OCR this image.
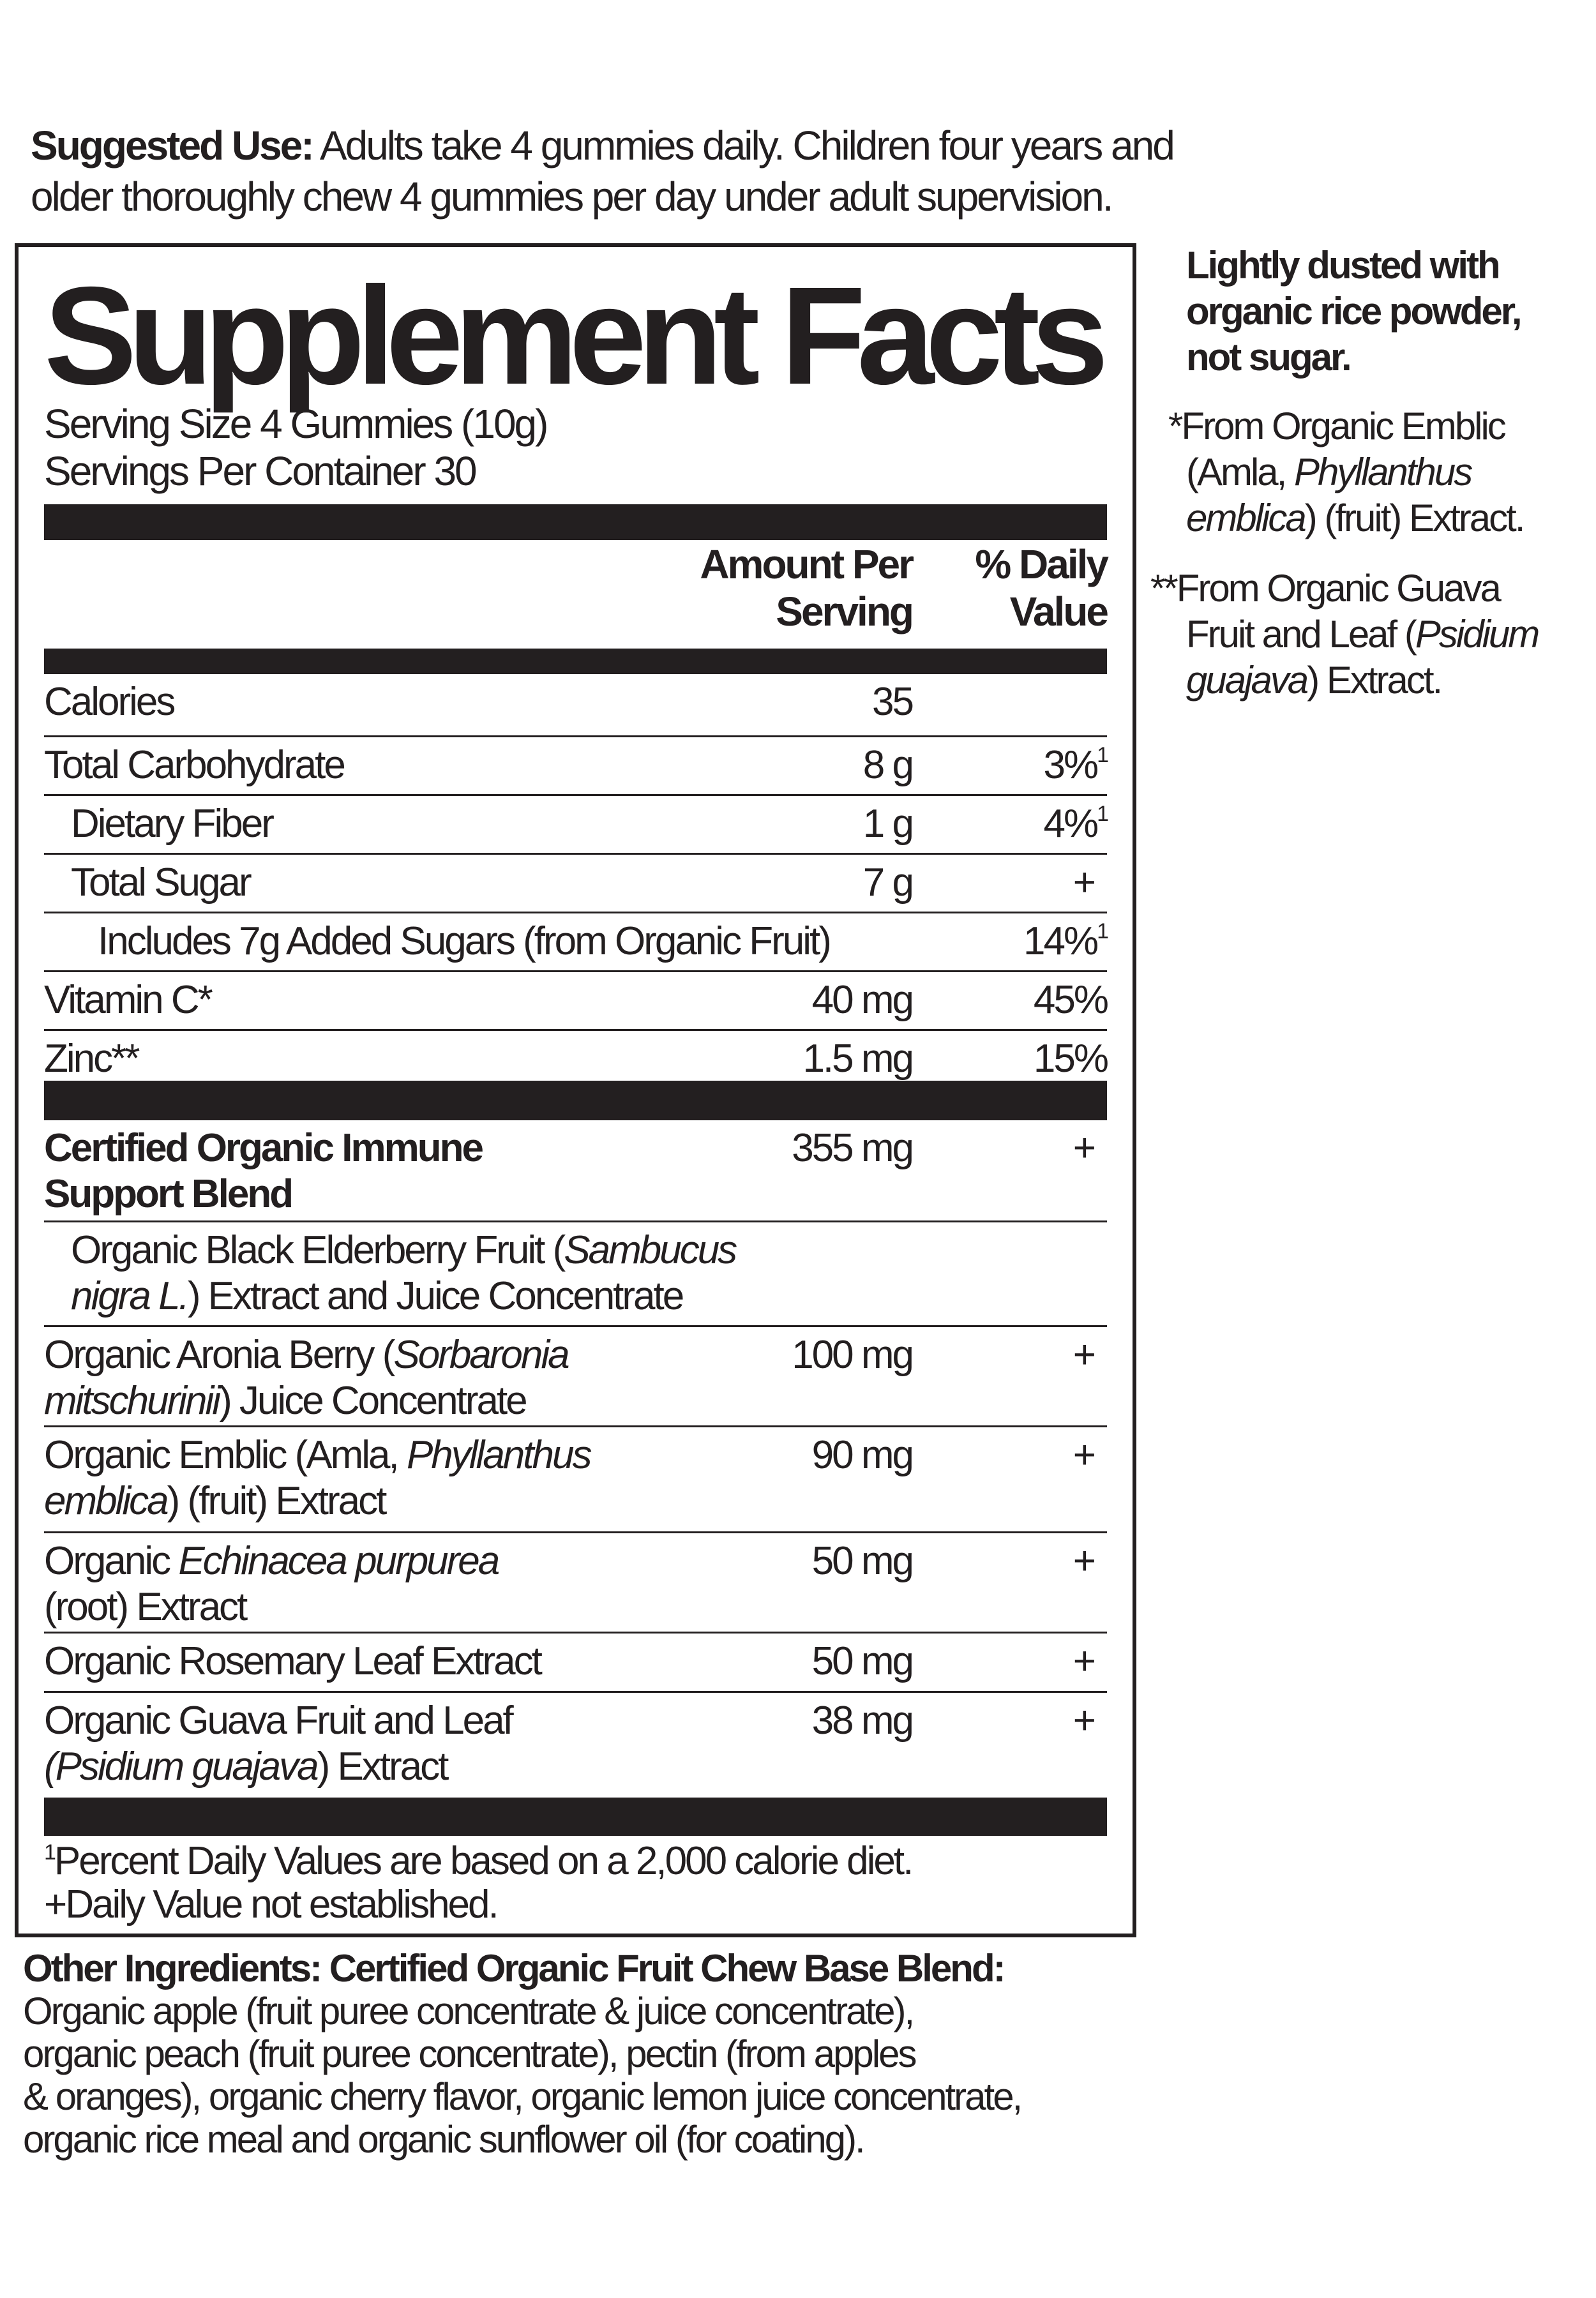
Suggested Use: Adults take 4 gummies daily. Children four years and
older thoroughly chew 4 gummies per day under adult supervision.
Supplement Facts
Serving Size 4 Gummies (10g)
Servings Per Container 30
Amount Per
Serving
% Daily
Value
Calories	35
Total Carbohydrate	8 g	3%$^1$
Dietary Fiber	1 g	4%$^1$
Total Sugar	7 g	+
Includes 7g Added Sugars (from Organic Fruit)	14%$^1$
Vitamin C*	40 mg	45%
Zinc**	1.5 mg	15%
Certified Organic Immune
Support Blend
355 mg	+
Organic Black Elderberry Fruit (Sambucus
nigra L.) Extract and Juice Concentrate
Organic Aronia Berry (Sorbaronia
mitschurinii) Juice Concentrate
100 mg	+
Organic Emblic (Amla, Phyllanthus
emblica) (fruit) Extract
90 mg	+
Organic Echinacea purpurea
(root) Extract
50 mg	+
Organic Rosemary Leaf Extract	50 mg	+
Organic Guava Fruit and Leaf
(Psidium guajava) Extract
38 mg	+
$^1$Percent Daily Values are based on a 2,000 calorie diet.
+Daily Value not established.
Lightly dusted with
organic rice powder,
not sugar.
*From Organic Emblic
(Amla, Phyllanthus
emblica) (fruit) Extract.
**From Organic Guava
Fruit and Leaf (Psidium
guajava) Extract.
Other Ingredients: Certified Organic Fruit Chew Base Blend:
Organic apple (fruit puree concentrate & juice concentrate),
organic peach (fruit puree concentrate), pectin (from apples
& oranges), organic cherry flavor, organic lemon juice concentrate,
organic rice meal and organic sunflower oil (for coating).
